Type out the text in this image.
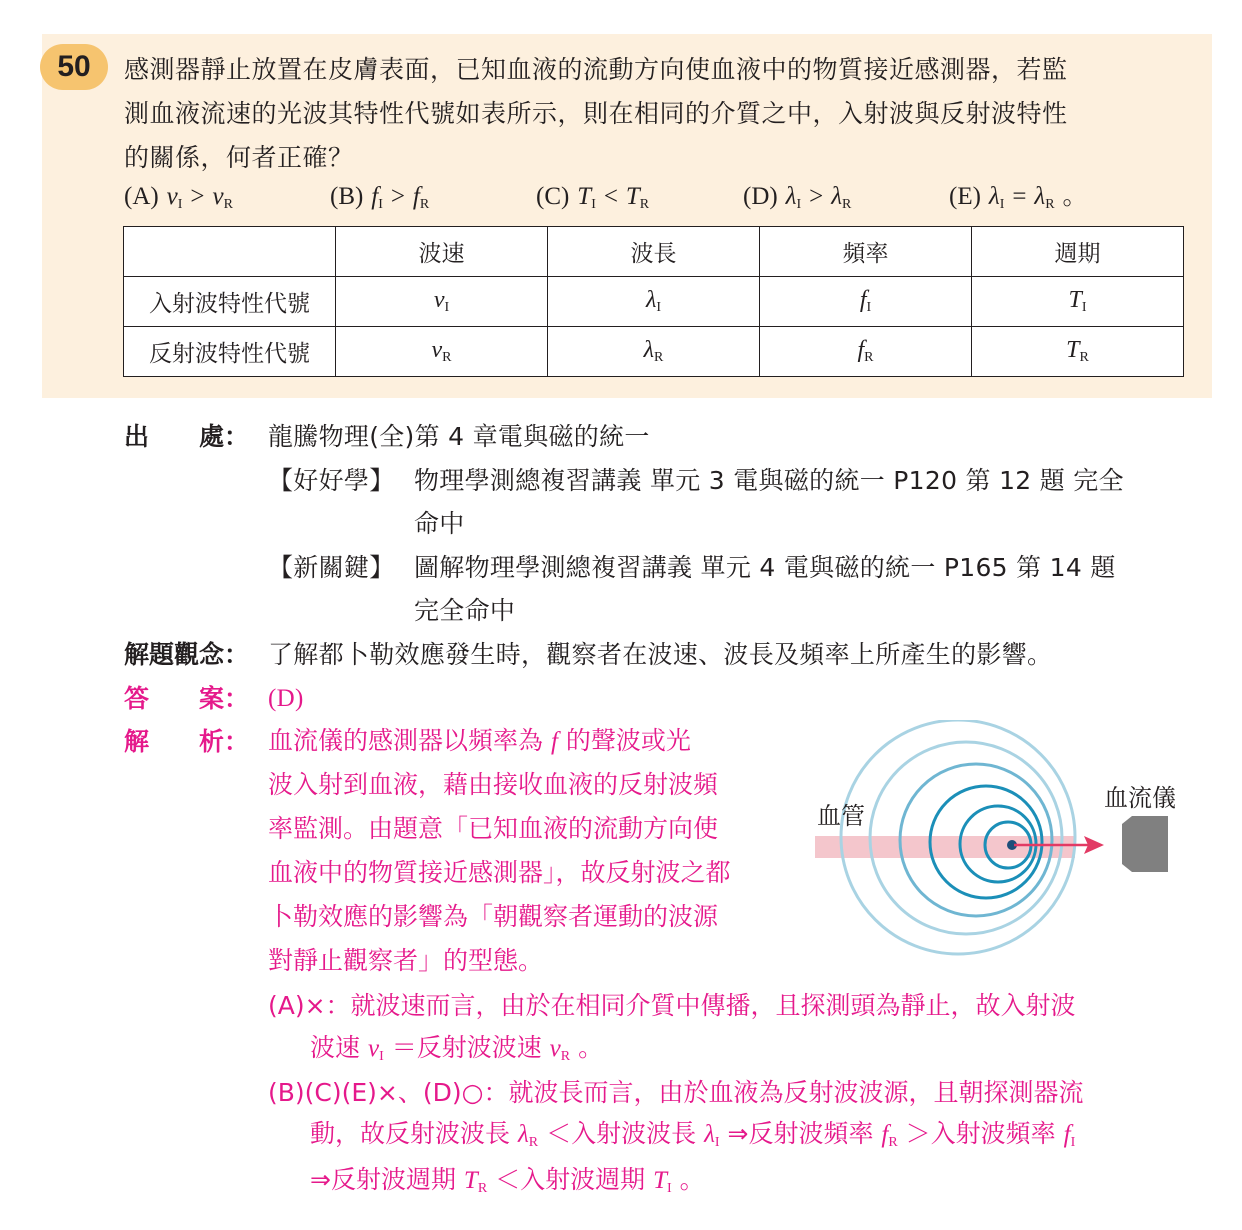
50	感測器靜止放置在皮膚表面，已知血液的流動方向使血液中的物質接近感測器，若監
測血液流速的光波其特性代號如表所示，則在相同的介質之中，入射波與反射波特性
的關係，何者正確？
(A) $v_I > v_R$	(B) $f_I > f_R$	(C) $T_I < T_R$	(D) $\lambda_I > \lambda_R$	(E) $\lambda_I = \lambda_R$ 。
	波速	波長	頻率	週期
入射波特性代號	$v_I$	$\lambda_I$	$f_I$	$T_I$
反射波特性代號	$v_R$	$\lambda_R$	$f_R$	$T_R$
出　　處： 龍騰物理(全)第 4 章電與磁的統一
【好好學】 物理學測總複習講義 單元 3 電與磁的統一 P120 第 12 題 完全
命中
【新關鍵】 圖解物理學測總複習講義 單元 4 電與磁的統一 P165 第 14 題
完全命中
解題觀念： 了解都卜勒效應發生時，觀察者在波速、波長及頻率上所產生的影響。
答　　案： (D)
解　　析： 血流儀的感測器以頻率為 f 的聲波或光
波入射到血液，藉由接收血液的反射波頻
率監測。由題意「已知血液的流動方向使
血液中的物質接近感測器」，故反射波之都
卜勒效應的影響為「朝觀察者運動的波源
對靜止觀察者」的型態。
(A)×：就波速而言，由於在相同介質中傳播，且探測頭為靜止，故入射波
波速 $v_I$ ＝反射波波速 $v_R$ 。
(B)(C)(E)×、(D)○：就波長而言，由於血液為反射波波源，且朝探測器流
動，故反射波波長 $\lambda_R$ ＜入射波波長 $\lambda_I$ ⇒反射波頻率 $f_R$ ＞入射波頻率 $f_I$
⇒反射波週期 $T_R$ ＜入射波週期 $T_I$ 。
血管
血流儀
